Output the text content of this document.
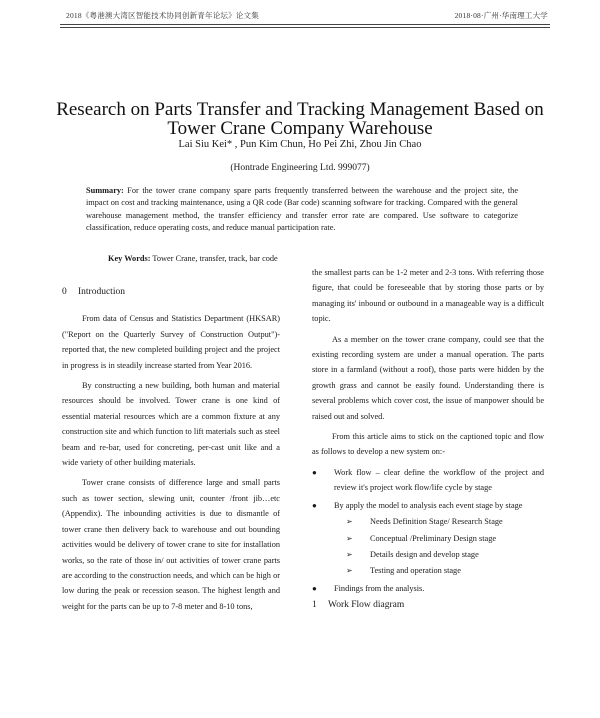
2018《粤港澳大湾区智能技术协同创新青年论坛》论文集	2018·08·广州·华南理工大学
Research on Parts Transfer and Tracking Management Based on
Tower Crane Company Warehouse
Lai Siu Kei* , Pun Kim Chun, Ho Pei Zhi, Zhou Jin Chao
(Hontrade Engineering Ltd. 999077)
Summary: For the tower crane company spare parts frequently transferred between the warehouse and the project site, the impact on cost and tracking maintenance, using a QR code (Bar code) scanning software for tracking. Compared with the general warehouse management method, the transfer efficiency and transfer error rate are compared. Use software to categorize classification, reduce operating costs, and reduce manual participation rate.
Key Words: Tower Crane, transfer, track, bar code
0 Introduction

From data of Census and Statistics Department (HKSAR) ("Report on the Quarterly Survey of Construction Output")-reported that, the new completed building project and the project in progress is in steadily increase started from Year 2016.

By constructing a new building, both human and material resources should be involved. Tower crane is one kind of essential material resources which are a common fixture at any construction site and which function to lift materials such as steel beam and re-bar, used for concreting, per-cast unit like and a wide variety of other building materials.

Tower crane consists of difference large and small parts such as tower section, slewing unit, counter /front jib…etc (Appendix). The inbounding activities is due to dismantle of tower crane then delivery back to warehouse and out bounding activities would be delivery of tower crane to site for installation works, so the rate of those in/ out activities of tower crane parts are according to the construction needs, and which can be high or low during the peak or recession season. The highest length and weight for the parts can be up to 7-8 meter and 8-10 tons,

the smallest parts can be 1-2 meter and 2-3 tons. With referring those figure, that could be foreseeable that by storing those parts or by managing its' inbound or outbound in a manageable way is a difficult topic.

As a member on the tower crane company, could see that the existing recording system are under a manual operation. The parts store in a farmland (without a roof), those parts were hidden by the growth grass and cannot be easily found. Understanding there is several problems which cover cost, the issue of manpower should be raised out and solved.

From this article aims to stick on the captioned topic and flow as follows to develop a new system on:-

● Work flow – clear define the workflow of the project and review it's project work flow/life cycle by stage
● By apply the model to analysis each event stage by stage
➢ Needs Definition Stage/ Research Stage
➢ Conceptual /Preliminary Design stage
➢ Details design and develop stage
➢ Testing and operation stage
● Findings from the analysis.
1 Work Flow diagram
